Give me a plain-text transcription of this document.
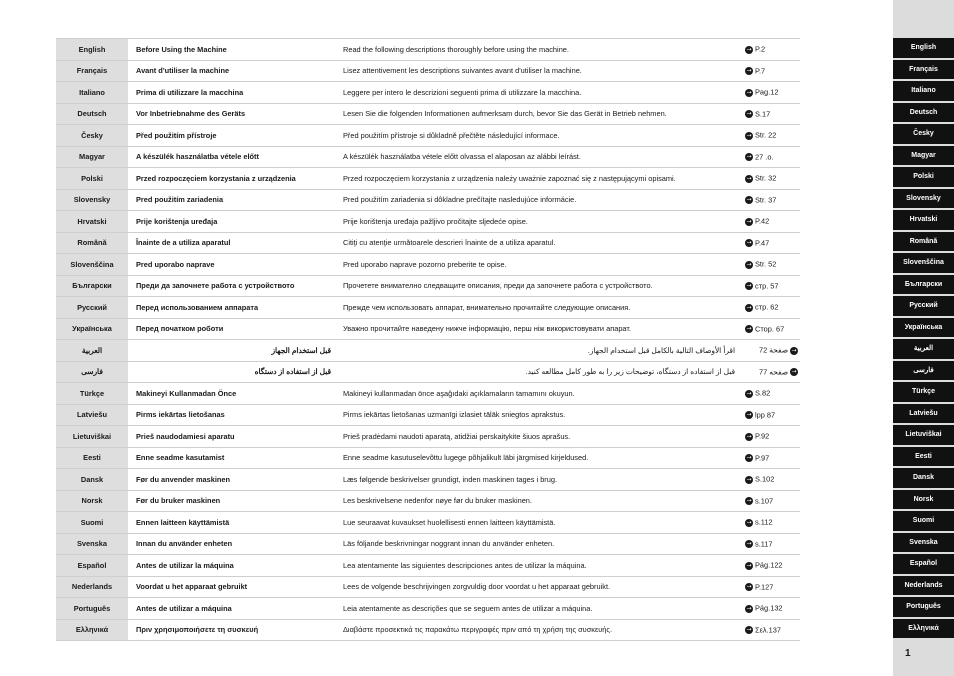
English	Before Using the Machine	Read the following descriptions thoroughly before using the machine.	→ P.2
Français	Avant d'utiliser la machine	Lisez attentivement les descriptions suivantes avant d'utiliser la machine.	→ P.7
Italiano	Prima di utilizzare la macchina	Leggere per intero le descrizioni seguenti prima di utilizzare la macchina.	→ Pag.12
Deutsch	Vor Inbetriebnahme des Geräts	Lesen Sie die folgenden Informationen aufmerksam durch, bevor Sie das Gerät in Betrieb nehmen.	→ S.17
Česky	Před použitím přístroje	Před použitím přístroje si důkladně přečtěte následující informace.	→ Str. 22
Magyar	A készülék használatba vétele előtt	A készülék használatba vétele előtt olvassa el alaposan az alábbi leírást.	→ 27 .o.
Polski	Przed rozpoczęciem korzystania z urządzenia	Przed rozpoczęciem korzystania z urządzenia należy uważnie zapoznać się z następującymi opisami.	→ Str. 32
Slovensky	Pred použitím zariadenia	Pred použitím zariadenia si dôkladne prečítajte nasledujúce informácie.	→ Str. 37
Hrvatski	Prije korištenja uređaja	Prije korištenja uređaja pažljivo pročitajte sljedeće opise.	→ P.42
Română	Înainte de a utiliza aparatul	Citiţi cu atenţie următoarele descrieri înainte de a utiliza aparatul.	→ P.47
Slovenščina	Pred uporabo naprave	Pred uporabo naprave pozorno preberite te opise.	→ Str. 52
Български	Преди да започнете работа с устройството	Прочетете внимателно следващите описания, преди да започнете работа с устройството.	→ стр. 57
Русский	Перед использованием аппарата	Прежде чем использовать аппарат, внимательно прочитайте следующие описания.	→ стр. 62
Українська	Перед початком роботи	Уважно прочитайте наведену нижче інформацію, перш ніж використовувати апарат.	→ Стор. 67
العربية	قبل استخدام الجهاز	اقرأ الأوصاف التالية بالكامل قبل استخدام الجهاز.	صفحة 72 →
فارسی	قبل از استفاده از دستگاه	قبل از استفاده از دستگاه، توضیحات زیر را به طور کامل مطالعه کنید.	صفحه 77 →
Türkçe	Makineyi Kullanmadan Önce	Makineyi kullanmadan önce aşağıdaki açıklamaların tamamını okuyun.	→ S.82
Latviešu	Pirms iekārtas lietošanas	Pirms iekārtas lietošanas uzmanīgi izlasiet tālāk sniegtos aprakstus.	→ lpp 87
Lietuviškai	Prieš naudodamiesi aparatu	Prieš pradėdami naudoti aparatą, atidžiai perskaitykite šiuos aprašus.	→ P.92
Eesti	Enne seadme kasutamist	Enne seadme kasutuselevõttu lugege põhjalikult läbi järgmised kirjeldused.	→ P.97
Dansk	Før du anvender maskinen	Læs følgende beskrivelser grundigt, inden maskinen tages i brug.	→ S.102
Norsk	Før du bruker maskinen	Les beskrivelsene nedenfor nøye før du bruker maskinen.	→ s.107
Suomi	Ennen laitteen käyttämistä	Lue seuraavat kuvaukset huolellisesti ennen laitteen käyttämistä.	→ s.112
Svenska	Innan du använder enheten	Läs följande beskrivningar noggrant innan du använder enheten.	→ s.117
Español	Antes de utilizar la máquina	Lea atentamente las siguientes descripciones antes de utilizar la máquina.	→ Pág.122
Nederlands	Voordat u het apparaat gebruikt	Lees de volgende beschrijvingen zorgvuldig door voordat u het apparaat gebruikt.	→ P.127
Português	Antes de utilizar a máquina	Leia atentamente as descrições que se seguem antes de utilizar a máquina.	→ Pág.132
Ελληνικά	Πριν χρησιμοποιήσετε τη συσκευή	Διαβάστε προσεκτικά τις παρακάτω περιγραφές πριν από τη χρήση της συσκευής.	→ Σελ.137
English
Français
Italiano
Deutsch
Česky
Magyar
Polski
Slovensky
Hrvatski
Română
Slovenščina
Български
Русский
Українська
العربية
فارسی
Türkçe
Latviešu
Lietuviškai
Eesti
Dansk
Norsk
Suomi
Svenska
Español
Nederlands
Português
Ελληνικά
1
